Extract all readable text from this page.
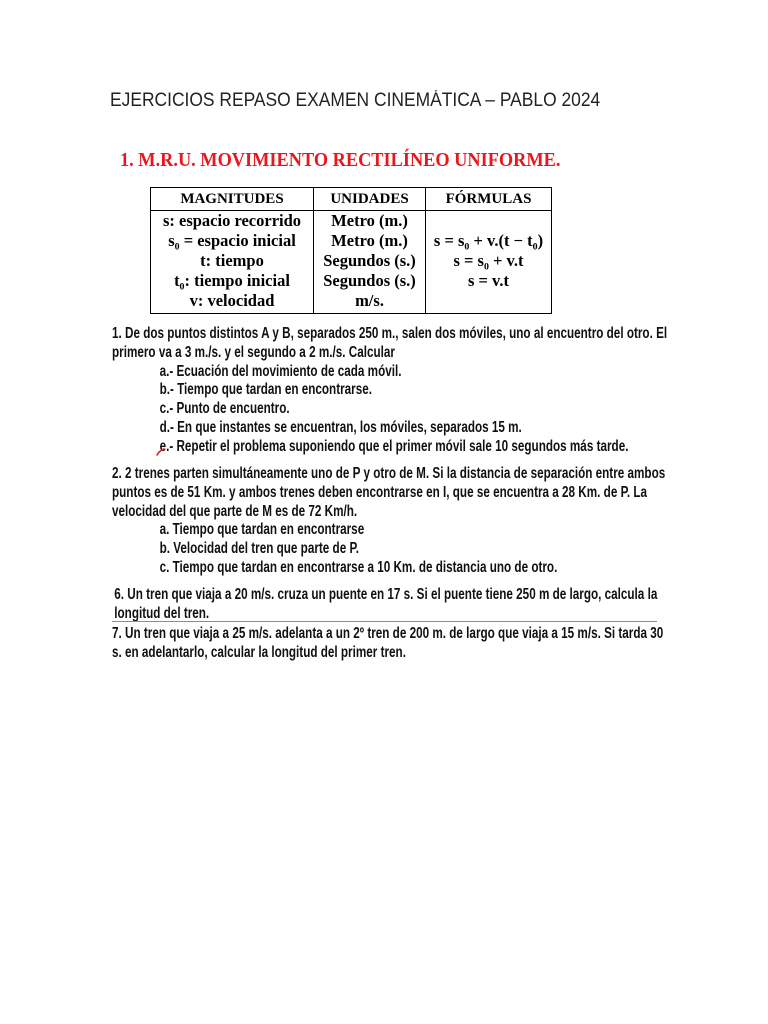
EJERCICIOS REPASO EXAMEN CINEMÁTICA – PABLO 2024
1. M.R.U. MOVIMIENTO RECTILÍNEO UNIFORME.
MAGNITUDES	UNIDADES	FÓRMULAS
s: espacio recorrido	Metro (m.)	
s₀ = espacio inicial	Metro (m.)	s = s₀ + v.(t − t₀)
t: tiempo	Segundos (s.)	s = s₀ + v.t
t₀: tiempo inicial	Segundos (s.)	s = v.t
v: velocidad	m/s.	
1. De dos puntos distintos A y B, separados 250 m., salen dos móviles, uno al encuentro del otro. El
primero va a 3 m./s. y el segundo a 2 m./s. Calcular
a.- Ecuación del movimiento de cada móvil.
b.- Tiempo que tardan en encontrarse.
c.- Punto de encuentro.
d.- En que instantes se encuentran, los móviles, separados 15 m.
e.- Repetir el problema suponiendo que el primer móvil sale 10 segundos más tarde.
2. 2 trenes parten simultáneamente uno de P y otro de M. Si la distancia de separación entre ambos
puntos es de 51 Km. y ambos trenes deben encontrarse en I, que se encuentra a 28 Km. de P. La
velocidad del que parte de M es de 72 Km/h.
a. Tiempo que tardan en encontrarse
b. Velocidad del tren que parte de P.
c. Tiempo que tardan en encontrarse a 10 Km. de distancia uno de otro.
6. Un tren que viaja a 20 m/s. cruza un puente en 17 s. Si el puente tiene 250 m de largo, calcula la
longitud del tren.
7. Un tren que viaja a 25 m/s. adelanta a un 2º tren de 200 m. de largo que viaja a 15 m/s. Si tarda 30
s. en adelantarlo, calcular la longitud del primer tren.
